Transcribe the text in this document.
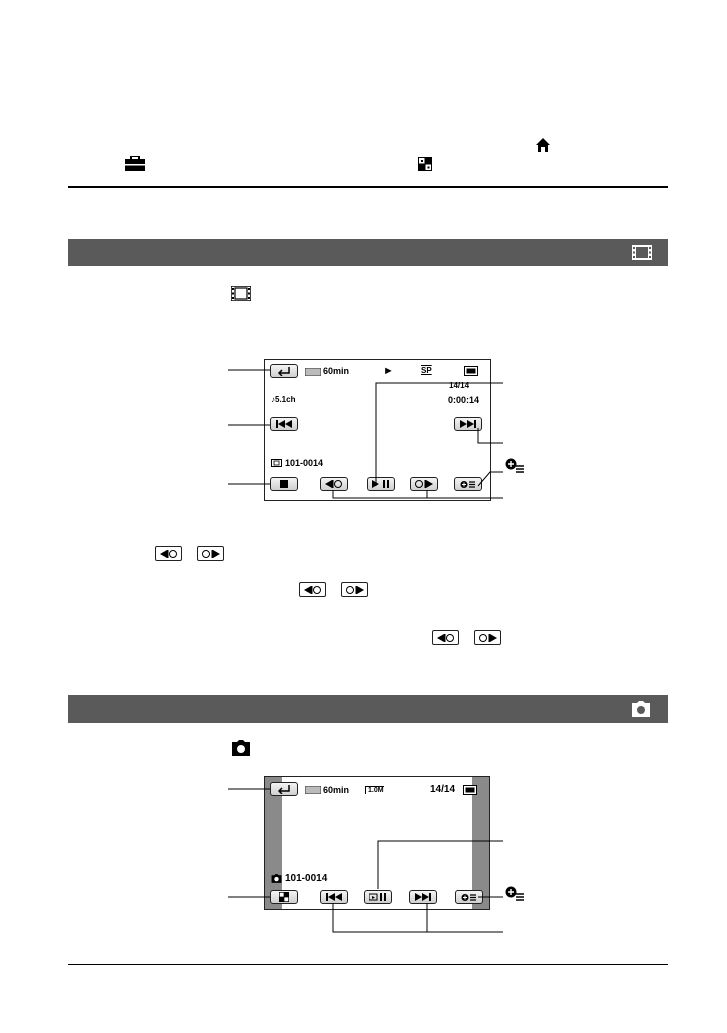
60min	►	SP
14/14
0:00:14
♪5.1ch
101-0014
60min	1.0M	14/14
101-0014
